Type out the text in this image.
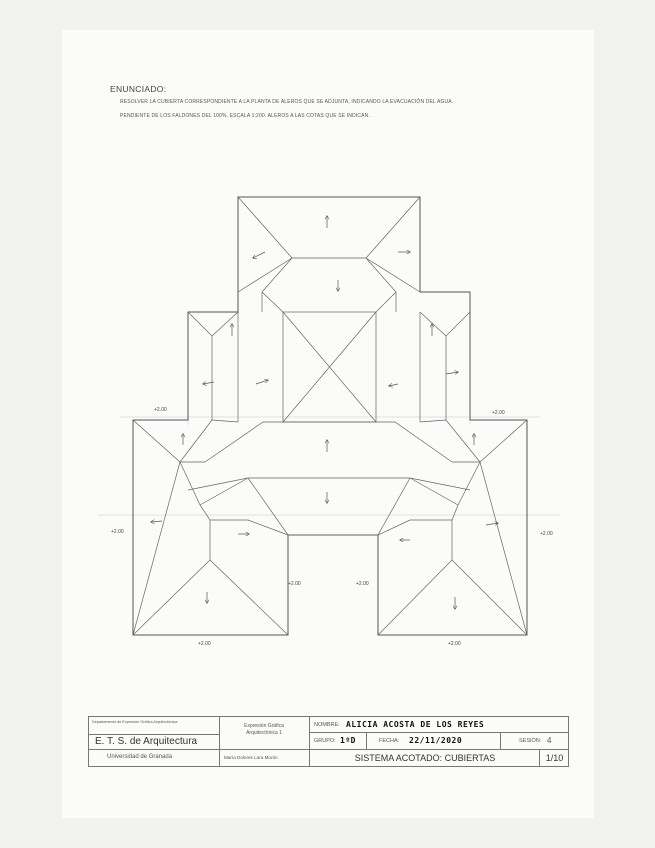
ENUNCIADO:
RESOLVER LA CUBIERTA CORRESPONDIENTE A LA PLANTA DE ALEROS QUE SE ADJUNTA, INDICANDO LA EVACUACIÓN DEL AGUA.
PENDIENTE DE LOS FALDONES DEL 100%. ESCALA 1:200. ALEROS A LAS COTAS QUE SE INDICAN.
+2.00	+2.00
+2.00	+2.00
+2.00	+2.00
+2.00	+2.00
Departamento de Expresión Gráfica Arquitectónica
E. T. S. de Arquitectura
Universidad de Granada
Expresión Gráfica
Arquitectónica 1
María Dolores Lara Morón
NOMBRE: ALICIA ACOSTA DE LOS REYES
GRUPO: 1ºD	FECHA: 22/11/2020	SESIÓN: 4
SISTEMA ACOTADO: CUBIERTAS	1/10
